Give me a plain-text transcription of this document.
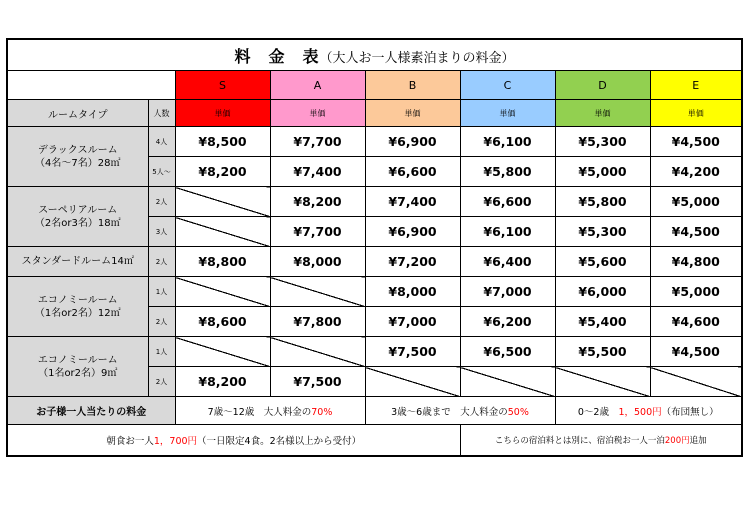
料　金　表（大人お一人様素泊まりの料金）							
		S	A	B	C	D	E
ルームタイプ	人数	単価	単価	単価	単価	単価	単価
デラックスルーム
（4名～7名）28㎡	4人	¥8,500	¥7,700	¥6,900	¥6,100	¥5,300	¥4,500
	5人～	¥8,200	¥7,400	¥6,600	¥5,800	¥5,000	¥4,200
スーペリアルーム
（2名or3名）18㎡	2人		¥8,200	¥7,400	¥6,600	¥5,800	¥5,000
	3人		¥7,700	¥6,900	¥6,100	¥5,300	¥4,500
スタンダードルーム14㎡	2人	¥8,800	¥8,000	¥7,200	¥6,400	¥5,600	¥4,800
エコノミールーム
（1名or2名）12㎡	1人			¥8,000	¥7,000	¥6,000	¥5,000
	2人	¥8,600	¥7,800	¥7,000	¥6,200	¥5,400	¥4,600
エコノミールーム
（1名or2名）9㎡	1人			¥7,500	¥6,500	¥5,500	¥4,500
	2人	¥8,200	¥7,500				
お子様一人当たりの料金		7歳～12歳　大人料金の70%		3歳～6歳まで　大人料金の50%		0～2歳　1，500円（布団無し）	
朝食お一人1，700円（一日限定4食。2名様以上から受付）					こちらの宿泊料とは別に、宿泊税お一人一泊200円追加		
